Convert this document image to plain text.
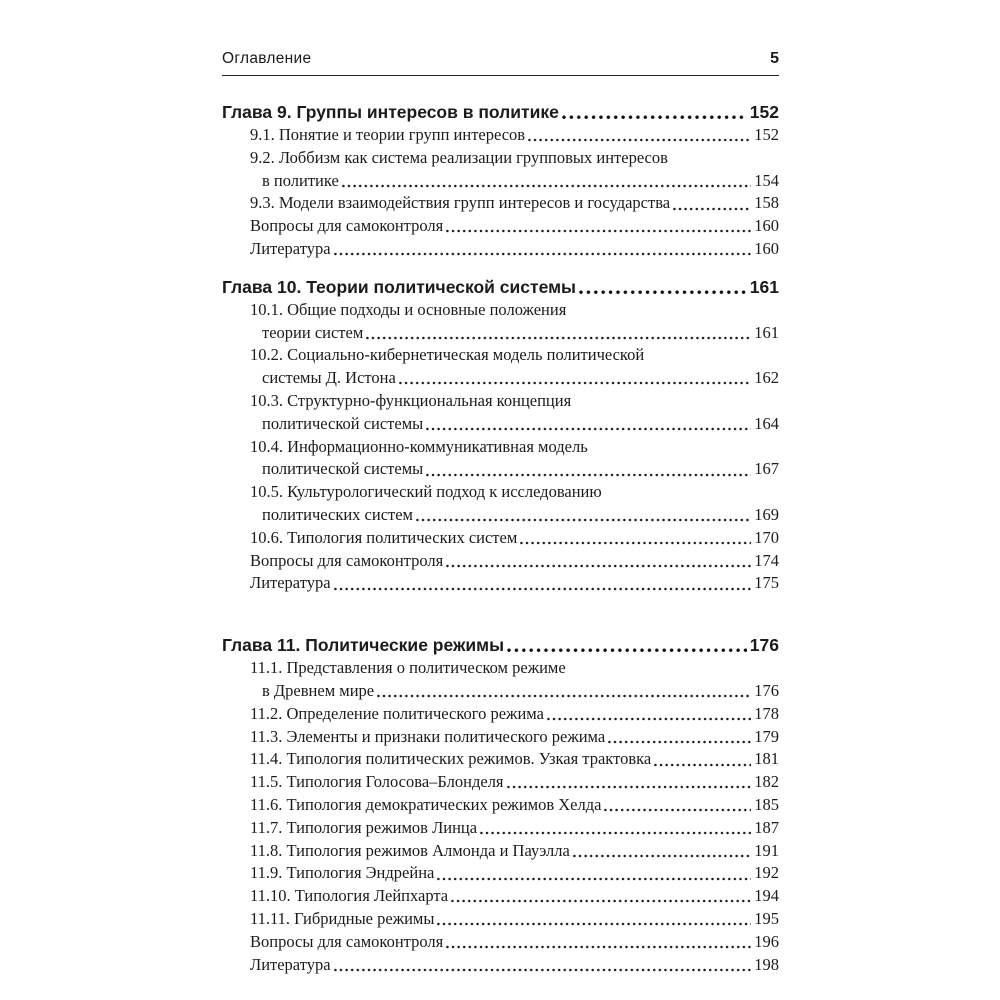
Оглавление	5
Глава 9. Группы интересов в политике	152
9.1. Понятие и теории групп интересов	152
9.2. Лоббизм как система реализации групповых интересов
в политике	154
9.3. Модели взаимодействия групп интересов и государства	158
Вопросы для самоконтроля	160
Литература	160
Глава 10. Теории политической системы	161
10.1. Общие подходы и основные положения
теории систем	161
10.2. Социально-кибернетическая модель политической
системы Д. Истона	162
10.3. Структурно-функциональная концепция
политической системы	164
10.4. Информационно-коммуникативная модель
политической системы	167
10.5. Культурологический подход к исследованию
политических систем	169
10.6. Типология политических систем	170
Вопросы для самоконтроля	174
Литература	175
Глава 11. Политические режимы	176
11.1. Представления о политическом режиме
в Древнем мире	176
11.2. Определение политического режима	178
11.3. Элементы и признаки политического режима	179
11.4. Типология политических режимов. Узкая трактовка	181
11.5. Типология Голосова–Блонделя	182
11.6. Типология демократических режимов Хелда	185
11.7. Типология режимов Линца	187
11.8. Типология режимов Алмонда и Пауэлла	191
11.9. Типология Эндрейна	192
11.10. Типология Лейпхарта	194
11.11. Гибридные режимы	195
Вопросы для самоконтроля	196
Литература	198
